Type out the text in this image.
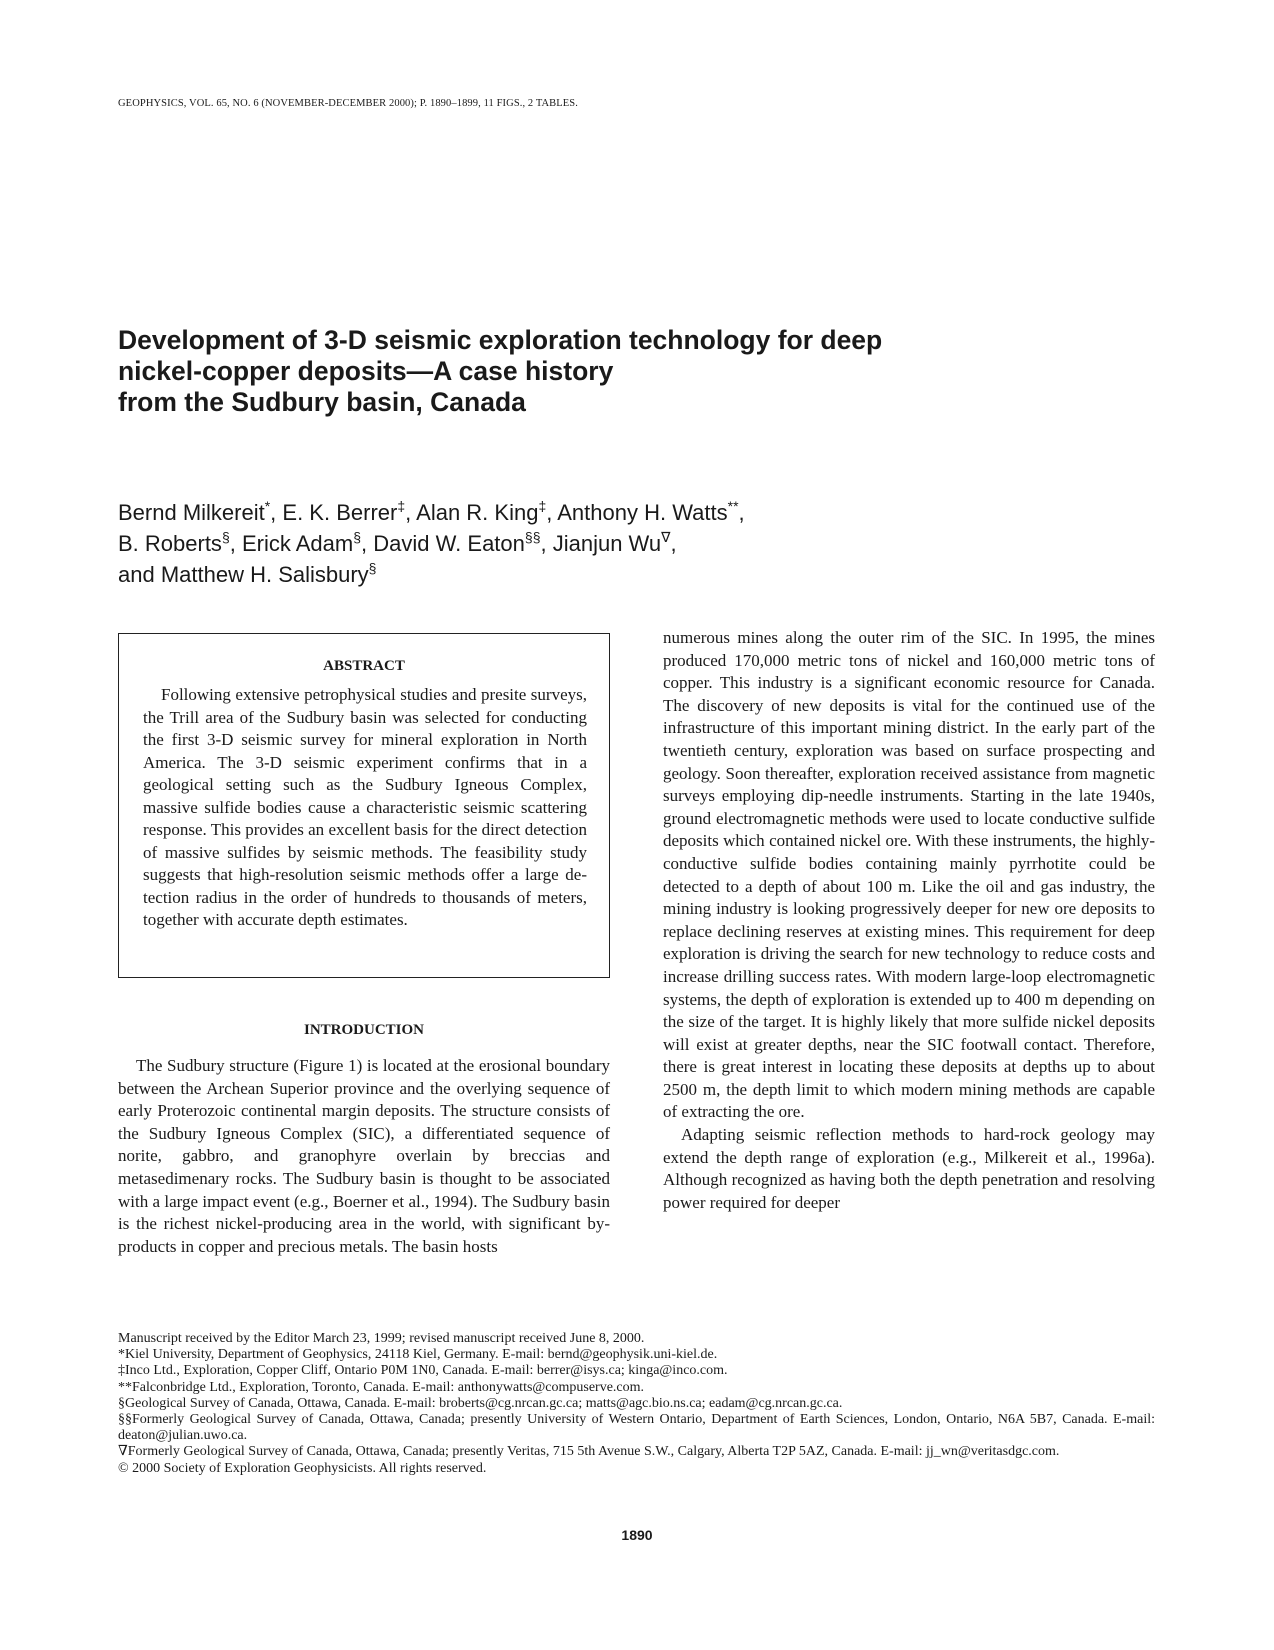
GEOPHYSICS, VOL. 65, NO. 6 (NOVEMBER-DECEMBER 2000); P. 1890–1899, 11 FIGS., 2 TABLES.
Development of 3-D seismic exploration technology for deep
nickel-copper deposits—A case history
from the Sudbury basin, Canada
Bernd Milkereit*, E. K. Berrer‡, Alan R. King‡, Anthony H. Watts**,
B. Roberts§, Erick Adam§, David W. Eaton§§, Jianjun Wu∇,
and Matthew H. Salisbury§
ABSTRACT

Following extensive petrophysical studies and presite surveys, the Trill area of the Sudbury basin was selected for conducting the first 3-D seismic survey for mineral exploration in North America. The 3-D seismic experiment confirms that in a geological setting such as the Sudbury Igneous Complex, massive sulfide bodies cause a characteristic seismic scattering response. This provides an excellent basis for the direct detection of massive sulfides by seismic methods. The feasibility study suggests that high-resolution seismic methods offer a large detection radius in the order of hundreds to thousands of meters, together with accurate depth estimates.

INTRODUCTION

The Sudbury structure (Figure 1) is located at the erosional boundary between the Archean Superior province and the overlying sequence of early Proterozoic continental margin deposits. The structure consists of the Sudbury Igneous Complex (SIC), a differentiated sequence of norite, gabbro, and granophyre overlain by breccias and metasedimenary rocks. The Sudbury basin is thought to be associated with a large impact event (e.g., Boerner et al., 1994). The Sudbury basin is the richest nickel-producing area in the world, with significant by-products in copper and precious metals. The basin hosts

numerous mines along the outer rim of the SIC. In 1995, the mines produced 170,000 metric tons of nickel and 160,000 metric tons of copper. This industry is a significant economic resource for Canada. The discovery of new deposits is vital for the continued use of the infrastructure of this important mining district. In the early part of the twentieth century, exploration was based on surface prospecting and geology. Soon thereafter, exploration received assistance from magnetic surveys employing dip-needle instruments. Starting in the late 1940s, ground electromagnetic methods were used to locate conductive sulfide deposits which contained nickel ore. With these instruments, the highly-conductive sulfide bodies containing mainly pyrrhotite could be detected to a depth of about 100 m. Like the oil and gas industry, the mining industry is looking progressively deeper for new ore deposits to replace declining reserves at existing mines. This requirement for deep exploration is driving the search for new technology to reduce costs and increase drilling success rates. With modern large-loop electromagnetic systems, the depth of exploration is extended up to 400 m depending on the size of the target. It is highly likely that more sulfide nickel deposits will exist at greater depths, near the SIC footwall contact. Therefore, there is great interest in locating these deposits at depths up to about 2500 m, the depth limit to which modern mining methods are capable of extracting the ore.

Adapting seismic reflection methods to hard-rock geology may extend the depth range of exploration (e.g., Milkereit et al., 1996a). Although recognized as having both the depth penetration and resolving power required for deeper

Manuscript received by the Editor March 23, 1999; revised manuscript received June 8, 2000.
*Kiel University, Department of Geophysics, 24118 Kiel, Germany. E-mail: bernd@geophysik.uni-kiel.de.
‡Inco Ltd., Exploration, Copper Cliff, Ontario P0M 1N0, Canada. E-mail: berrer@isys.ca; kinga@inco.com.
**Falconbridge Ltd., Exploration, Toronto, Canada. E-mail: anthonywatts@compuserve.com.
§Geological Survey of Canada, Ottawa, Canada. E-mail: broberts@cg.nrcan.gc.ca; matts@agc.bio.ns.ca; eadam@cg.nrcan.gc.ca.
§§Formerly Geological Survey of Canada, Ottawa, Canada; presently University of Western Ontario, Department of Earth Sciences, London, Ontario, N6A 5B7, Canada. E-mail: deaton@julian.uwo.ca.
∇Formerly Geological Survey of Canada, Ottawa, Canada; presently Veritas, 715 5th Avenue S.W., Calgary, Alberta T2P 5AZ, Canada. E-mail: jj_wn@veritasdgc.com.
© 2000 Society of Exploration Geophysicists. All rights reserved.
1890
